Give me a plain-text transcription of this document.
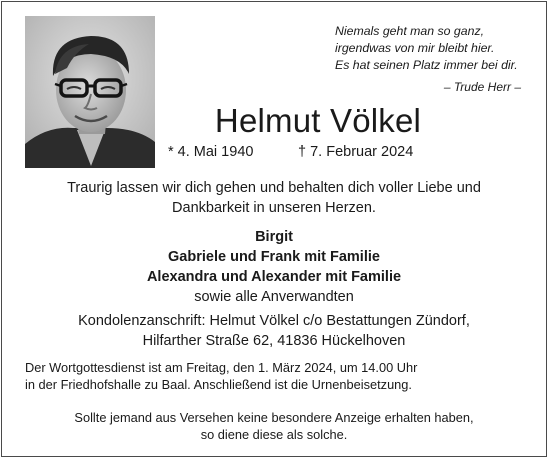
Niemals geht man so ganz,
irgendwas von mir bleibt hier.
Es hat seinen Platz immer bei dir.
– Trude Herr –
Helmut Völkel
* 4. Mai 1940	† 7. Februar 2024
Traurig lassen wir dich gehen und behalten dich voller Liebe und
Dankbarkeit in unseren Herzen.
Birgit
Gabriele und Frank mit Familie
Alexandra und Alexander mit Familie
sowie alle Anverwandten
Kondolenzanschrift: Helmut Völkel c/o Bestattungen Zündorf,
Hilfarther Straße 62, 41836 Hückelhoven
Der Wortgottesdienst ist am Freitag, den 1. März 2024, um 14.00 Uhr
in der Friedhofshalle zu Baal. Anschließend ist die Urnenbeisetzung.
Sollte jemand aus Versehen keine besondere Anzeige erhalten haben,
so diene diese als solche.
